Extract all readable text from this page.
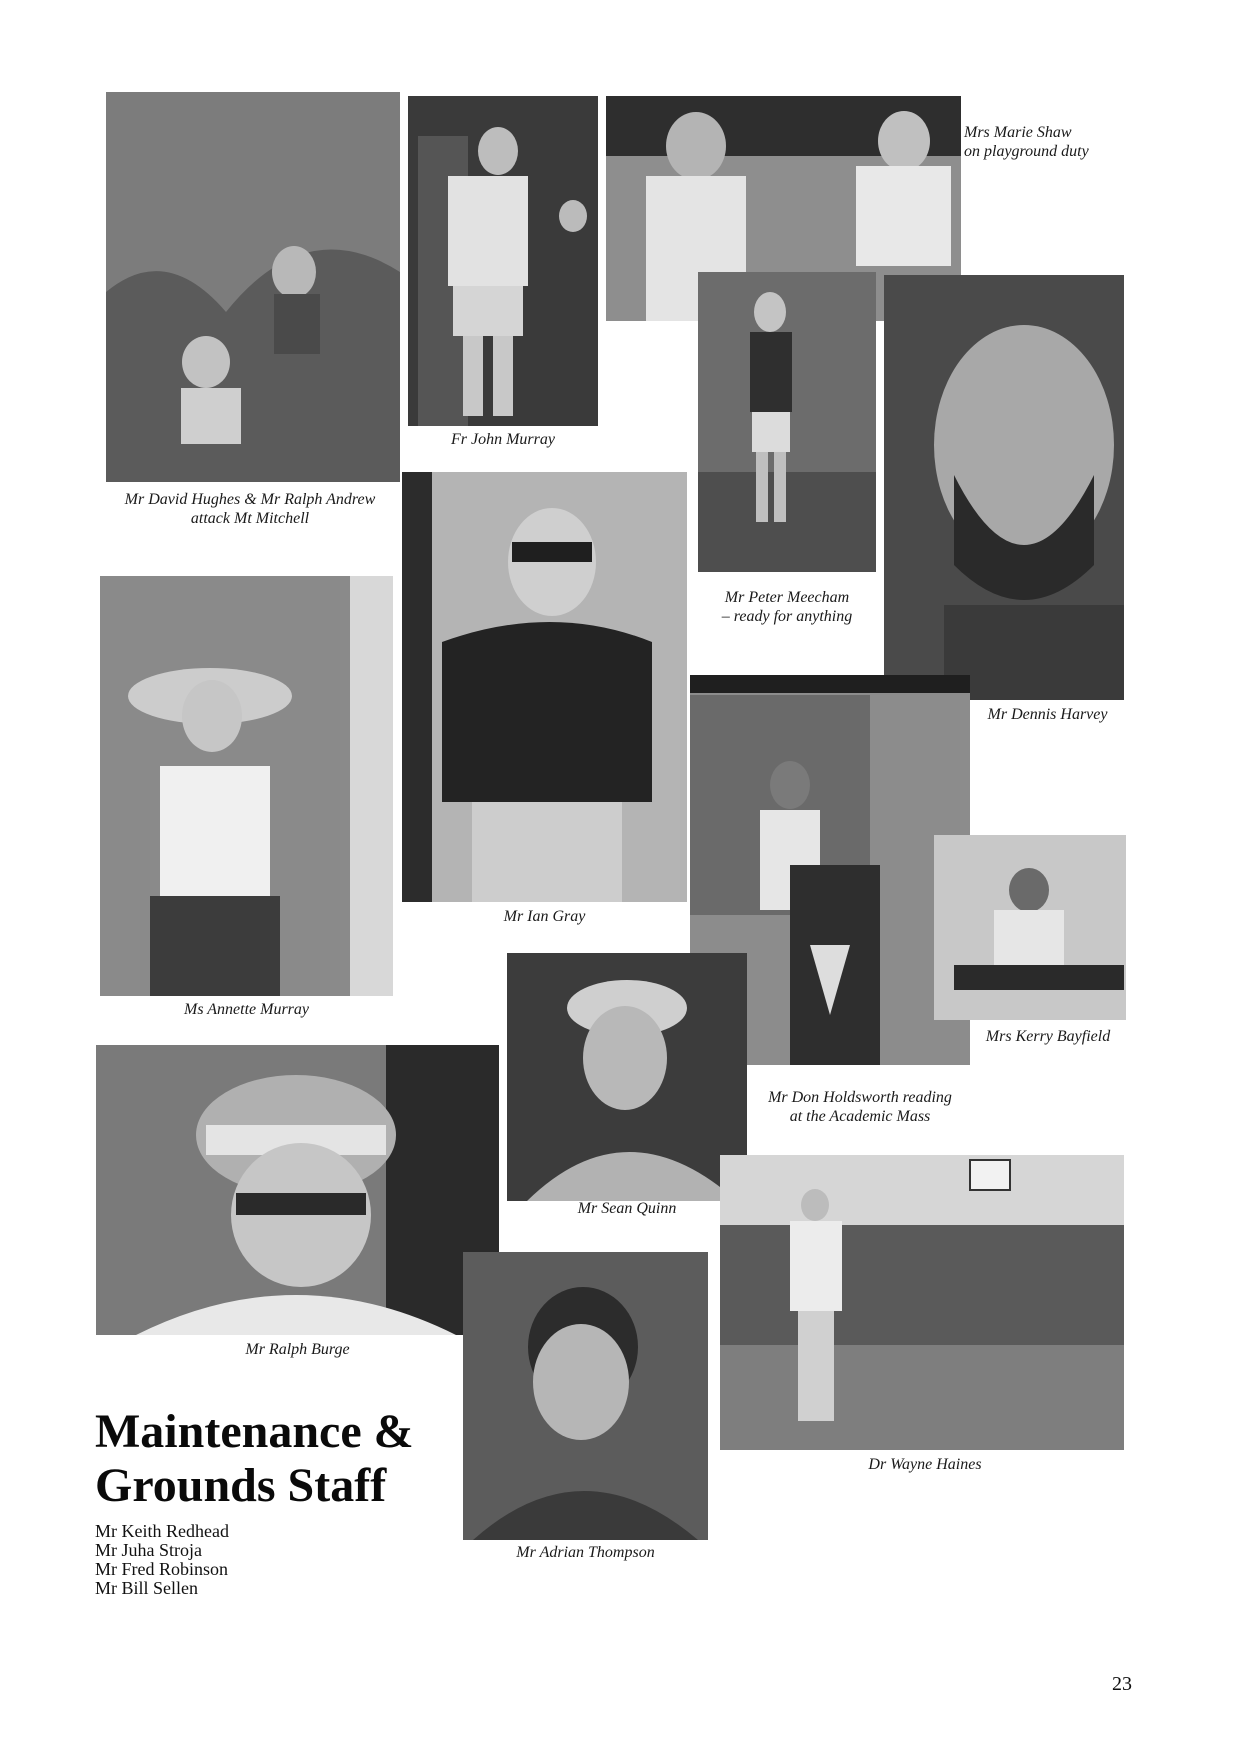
Mr David Hughes & Mr Ralph Andrew
attack Mt Mitchell
Fr John Murray
Mrs Marie Shaw
on playground duty
Mr Peter Meecham
– ready for anything
Mr Dennis Harvey
Ms Annette Murray
Mr Ian Gray
Mr Don Holdsworth reading
at the Academic Mass
Mrs Kerry Bayfield
Mr Ralph Burge
Mr Sean Quinn
Dr Wayne Haines
Mr Adrian Thompson
Maintenance &
Grounds Staff
Mr Keith Redhead
Mr Juha Stroja
Mr Fred Robinson
Mr Bill Sellen
23
